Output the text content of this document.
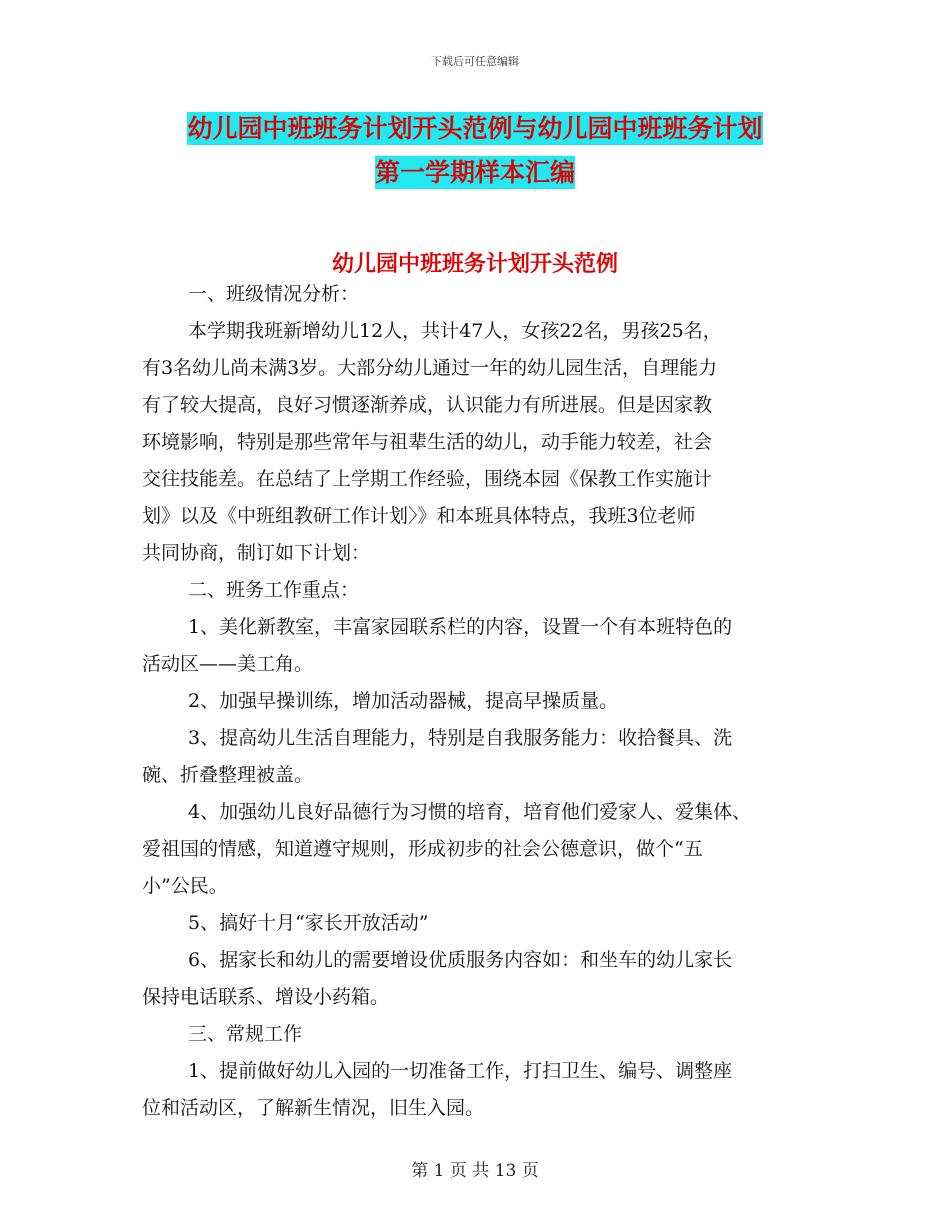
下载后可任意编辑
幼儿园中班班务计划开头范例与幼儿园中班班务计划
第一学期样本汇编
幼儿园中班班务计划开头范例

一、班级情况分析：

本学期我班新增幼儿12人，共计47人，女孩22名，男孩25名，

有3名幼儿尚未满3岁。大部分幼儿通过一年的幼儿园生活，自理能力

有了较大提高，良好习惯逐渐养成，认识能力有所进展。但是因家教

环境影响，特别是那些常年与祖辈生活的幼儿，动手能力较差，社会

交往技能差。在总结了上学期工作经验，围绕本园《保教工作实施计

划》以及《中班组教研工作计划〉》和本班具体特点，我班3位老师

共同协商，制订如下计划：

二、班务工作重点：

1、美化新教室，丰富家园联系栏的内容，设置一个有本班特色的

活动区——美工角。

2、加强早操训练，增加活动器械，提高早操质量。

3、提高幼儿生活自理能力，特别是自我服务能力：收拾餐具、洗

碗、折叠整理被盖。

4、加强幼儿良好品德行为习惯的培育，培育他们爱家人、爱集体、

爱祖国的情感，知道遵守规则，形成初步的社会公德意识，做个“五

小”公民。

5、搞好十月“家长开放活动”

6、据家长和幼儿的需要增设优质服务内容如：和坐车的幼儿家长

保持电话联系、增设小药箱。

三、常规工作

1、提前做好幼儿入园的一切准备工作，打扫卫生、编号、调整座

位和活动区，了解新生情况，旧生入园。

第 1 页 共 13 页
